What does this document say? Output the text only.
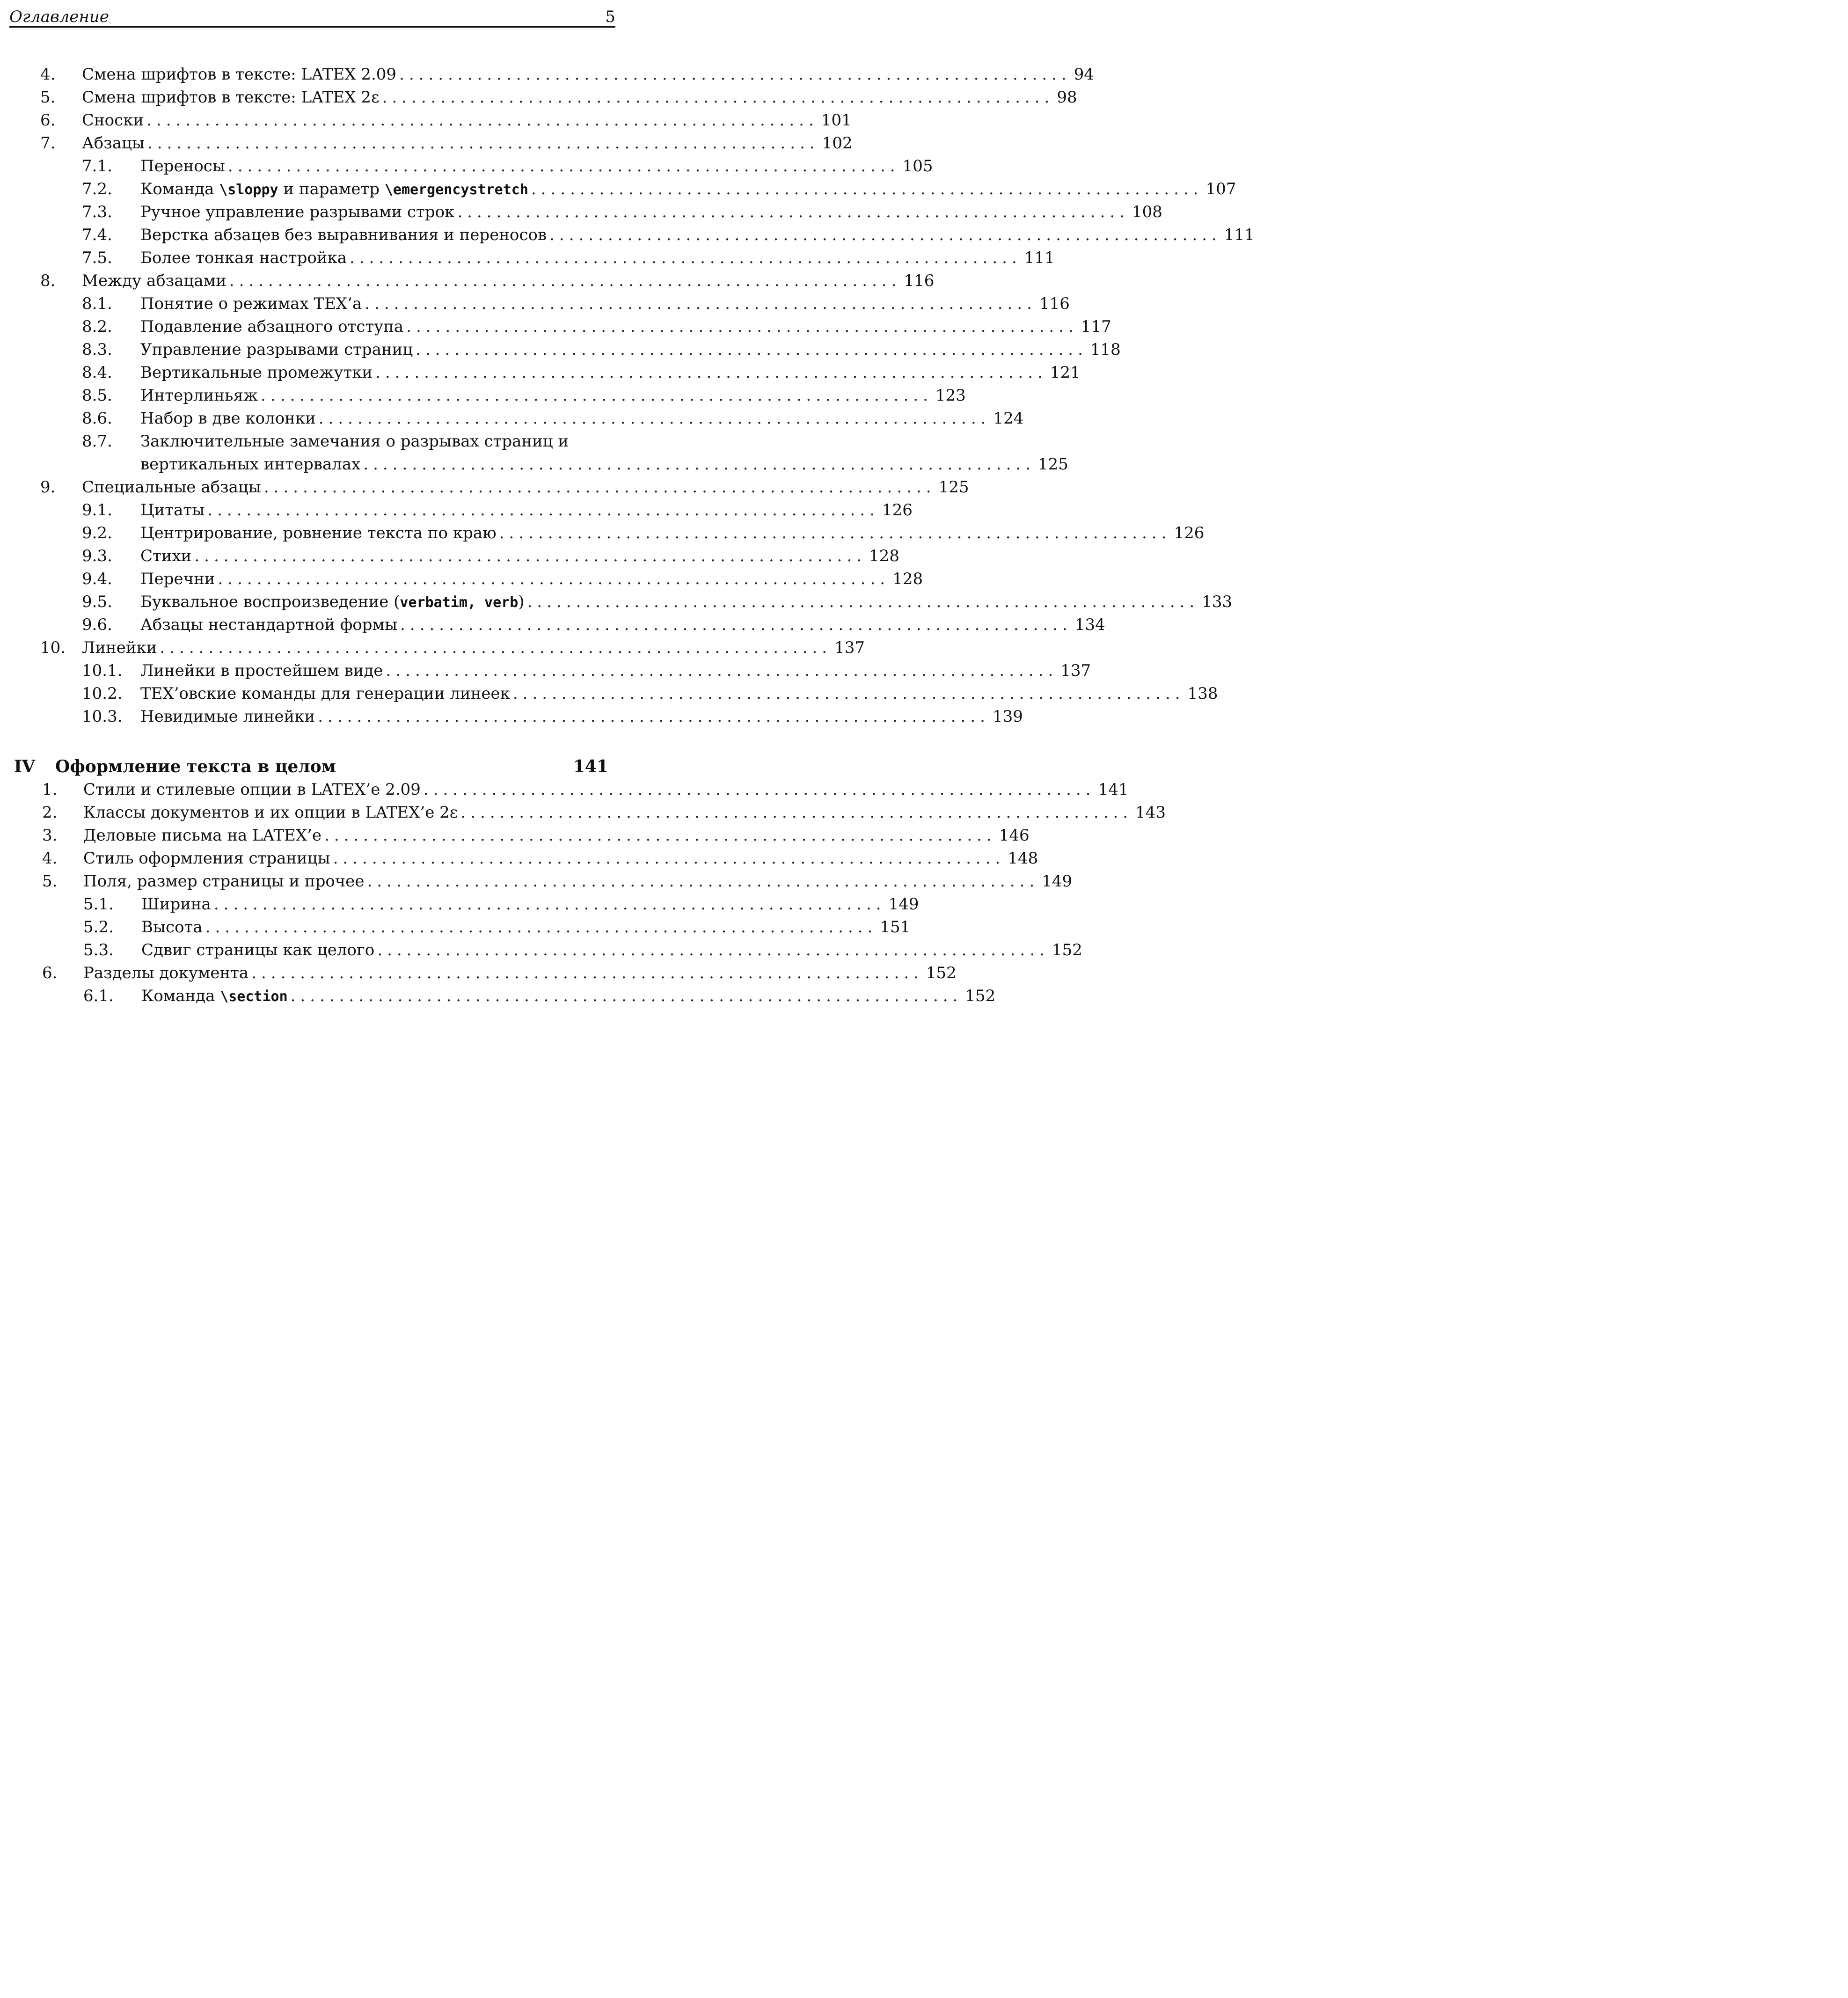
Оглавление	5
4. Смена шрифтов в тексте: LATEX 2.09 ..................................................................... 94
5. Смена шрифтов в тексте: LATEX 2ε ..................................................................... 98
6. Сноски ..................................................................... 101
7. Абзацы ..................................................................... 102
7.1. Переносы ..................................................................... 105
7.2. Команда \sloppy и параметр \emergencystretch ..................................................................... 107
7.3. Ручное управление разрывами строк ..................................................................... 108
7.4. Верстка абзацев без выравнивания и переносов ..................................................................... 111
7.5. Более тонкая настройка ..................................................................... 111
8. Между абзацами ..................................................................... 116
8.1. Понятие о режимах TEX’а ..................................................................... 116
8.2. Подавление абзацного отступа ..................................................................... 117
8.3. Управление разрывами страниц ..................................................................... 118
8.4. Вертикальные промежутки ..................................................................... 121
8.5. Интерлиньяж ..................................................................... 123
8.6. Набор в две колонки ..................................................................... 124
8.7. Заключительные замечания о разрывах страниц и
вертикальных интервалах ..................................................................... 125
9. Специальные абзацы ..................................................................... 125
9.1. Цитаты ..................................................................... 126
9.2. Центрирование, ровнение текста по краю ..................................................................... 126
9.3. Стихи ..................................................................... 128
9.4. Перечни ..................................................................... 128
9.5. Буквальное воспроизведение (verbatim, verb) ..................................................................... 133
9.6. Абзацы нестандартной формы ..................................................................... 134
10. Линейки ..................................................................... 137
10.1. Линейки в простейшем виде ..................................................................... 137
10.2. TEX’овские команды для генерации линеек ..................................................................... 138
10.3. Невидимые линейки ..................................................................... 139
IV Оформление текста в целом	141
1. Стили и стилевые опции в LATEX’е 2.09 ..................................................................... 141
2. Классы документов и их опции в LATEX’е 2ε ..................................................................... 143
3. Деловые письма на LATEX’е ..................................................................... 146
4. Стиль оформления страницы ..................................................................... 148
5. Поля, размер страницы и прочее ..................................................................... 149
5.1. Ширина ..................................................................... 149
5.2. Высота ..................................................................... 151
5.3. Сдвиг страницы как целого ..................................................................... 152
6. Разделы документа ..................................................................... 152
6.1. Команда \section ..................................................................... 152
